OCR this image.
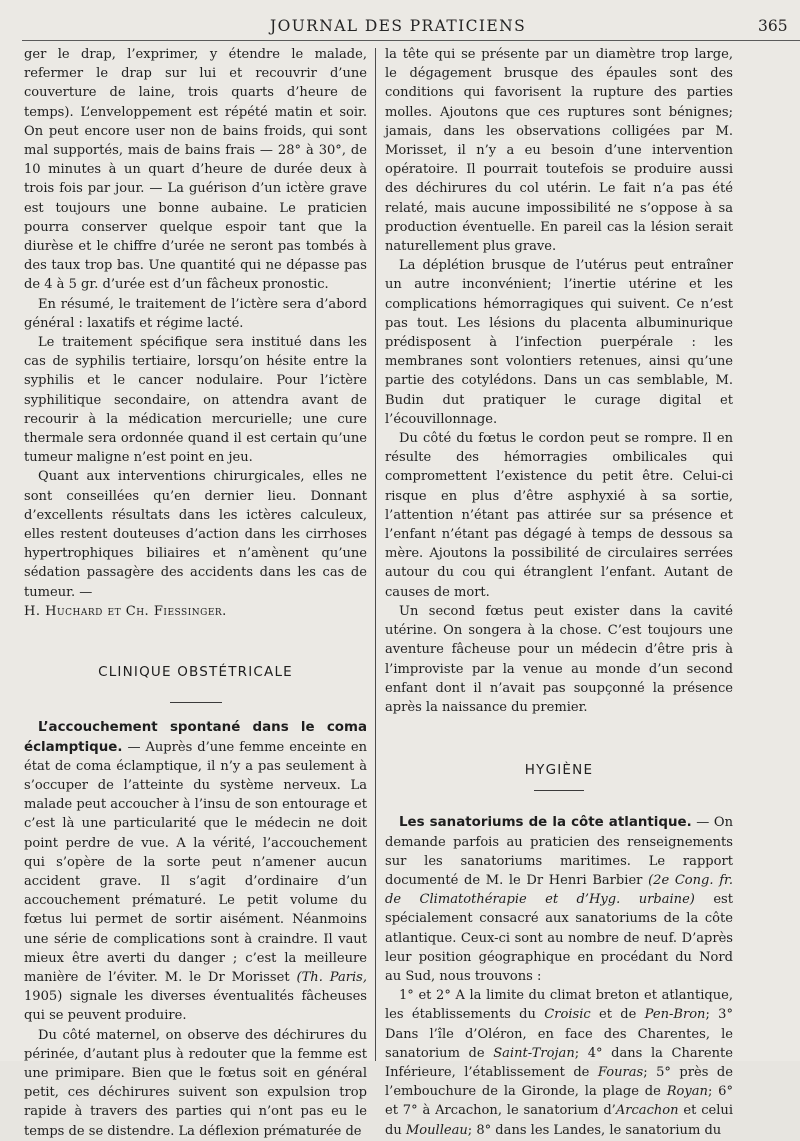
JOURNAL DES PRATICIENS	365

ger le drap, l’exprimer, y étendre le malade, refermer le drap sur lui et recouvrir d’une couverture de laine, trois quarts d’heure de temps). L’enveloppement est répété matin et soir. On peut encore user non de bains froids, qui sont mal supportés, mais de bains frais — 28° à 30°, de 10 minutes à un quart d’heure de durée deux à trois fois par jour. — La guérison d’un ictère grave est toujours une bonne aubaine. Le praticien pourra conserver quelque espoir tant que la diurèse et le chiffre d’urée ne seront pas tombés à des taux trop bas. Une quantité qui ne dépasse pas de 4 à 5 gr. d’urée est d’un fâcheux pronostic.

En résumé, le traitement de l’ictère sera d’abord général : laxatifs et régime lacté.

Le traitement spécifique sera institué dans les cas de syphilis tertiaire, lorsqu’on hésite entre la syphilis et le cancer nodulaire. Pour l’ictère syphilitique secondaire, on attendra avant de recourir à la médication mercurielle; une cure thermale sera ordonnée quand il est certain qu’une tumeur maligne n’est point en jeu.

Quant aux interventions chirurgicales, elles ne sont conseillées qu’en dernier lieu. Donnant d’excellents résultats dans les ictères calculeux, elles restent douteuses d’action dans les cirrhoses hypertrophiques biliaires et n’amènent qu’une sédation passagère des accidents dans les cas de tumeur. —
H. Huchard et Ch. Fiessinger.

CLINIQUE OBSTÉTRICALE

L’accouchement spontané dans le coma éclamptique. — Auprès d’une femme enceinte en état de coma éclamptique, il n’y a pas seulement à s’occuper de l’atteinte du système nerveux. La malade peut accoucher à l’insu de son entourage et c’est là une particularité que le médecin ne doit point perdre de vue. A la vérité, l’accouchement qui s’opère de la sorte peut n’amener aucun accident grave. Il s’agit d’ordinaire d’un accouchement prématuré. Le petit volume du fœtus lui permet de sortir aisément. Néanmoins une série de complications sont à craindre. Il vaut mieux être averti du danger ; c’est la meilleure manière de l’éviter. M. le Dr Morisset (Th. Paris, 1905) signale les diverses éventualités fâcheuses qui se peuvent produire.

Du côté maternel, on observe des déchirures du périnée, d’autant plus à redouter que la femme est une primipare. Bien que le fœtus soit en général petit, ces déchirures suivent son expulsion trop rapide à travers des parties qui n’ont pas eu le temps de se distendre. La déflexion prématurée de

la tête qui se présente par un diamètre trop large, le dégagement brusque des épaules sont des conditions qui favorisent la rupture des parties molles. Ajoutons que ces ruptures sont bénignes; jamais, dans les observations colligées par M. Morisset, il n’y a eu besoin d’une intervention opératoire. Il pourrait toutefois se produire aussi des déchirures du col utérin. Le fait n’a pas été relaté, mais aucune impossibilité ne s’oppose à sa production éventuelle. En pareil cas la lésion serait naturellement plus grave.

La déplétion brusque de l’utérus peut entraîner un autre inconvénient; l’inertie utérine et les complications hémorragiques qui suivent. Ce n’est pas tout. Les lésions du placenta albuminurique prédisposent à l’infection puerpérale : les membranes sont volontiers retenues, ainsi qu’une partie des cotylédons. Dans un cas semblable, M. Budin dut pratiquer le curage digital et l’écouvillonnage.

Du côté du fœtus le cordon peut se rompre. Il en résulte des hémorragies ombilicales qui compromettent l’existence du petit être. Celui-ci risque en plus d’être asphyxié à sa sortie, l’attention n’étant pas attirée sur sa présence et l’enfant n’étant pas dégagé à temps de dessous sa mère. Ajoutons la possibilité de circulaires serrées autour du cou qui étranglent l’enfant. Autant de causes de mort.

Un second fœtus peut exister dans la cavité utérine. On songera à la chose. C’est toujours une aventure fâcheuse pour un médecin d’être pris à l’improviste par la venue au monde d’un second enfant dont il n’avait pas soupçonné la présence après la naissance du premier.

HYGIÈNE

Les sanatoriums de la côte atlantique. — On demande parfois au praticien des renseignements sur les sanatoriums maritimes. Le rapport documenté de M. le Dr Henri Barbier (2e Cong. fr. de Climatothérapie et d’Hyg. urbaine) est spécialement consacré aux sanatoriums de la côte atlantique. Ceux-ci sont au nombre de neuf. D’après leur position géographique en procédant du Nord au Sud, nous trouvons :

1° et 2° A la limite du climat breton et atlantique, les établissements du Croisic et de Pen-Bron; 3° Dans l’île d’Oléron, en face des Charentes, le sanatorium de Saint-Trojan; 4° dans la Charente Inférieure, l’établissement de Fouras; 5° près de l’embouchure de la Gironde, la plage de Royan; 6° et 7° à Arcachon, le sanatorium d’Arcachon et celui du Moulleau; 8° dans les Landes, le sanatorium du
